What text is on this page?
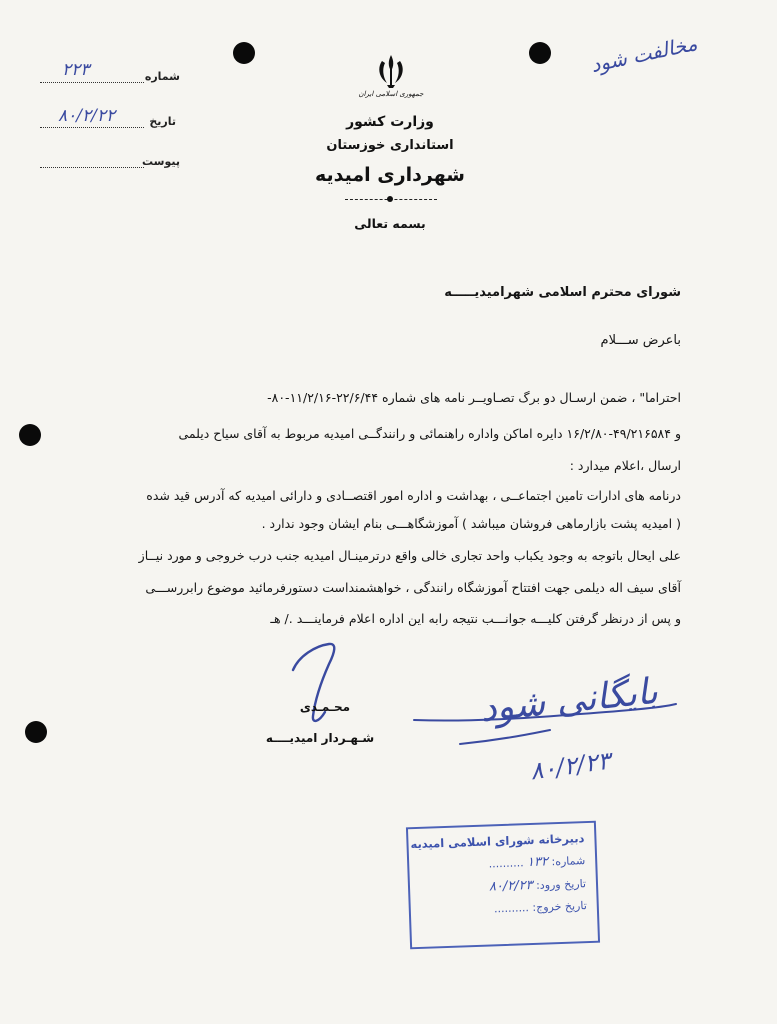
مخالفت شود
شماره
۲۲۳
تاریخ
۸۰/۲/۲۲
پیوست
جمهوری اسلامی ایران
وزارت کشور
استانداری خوزستان
شهرداری امیدیه
بسمه تعالی
شورای محترم اسلامی شهرامیدیـــــه
باعرض ســـلام
احتراما" ، ضمن ارسـال دو برگ تصـاویــر نامه های شماره ۲۲/۶/۴۴-۱۱/۲/۱۶-۸۰-
و ۴۹/۲۱۶۵۸۴-۱۶/۲/۸۰ دایره اماکن واداره راهنمائی و رانندگــی امیدیه مربوط به آقای سیاح دیلمی
ارسال ،اعلام میدارد :
درنامه های ادارات تامین اجتماعــی ، بهداشت و اداره امور اقتصــادی و دارائی امیدیه که آدرس قید شده
( امیدیه پشت بازارماهی فروشان میباشد ) آموزشگاهـــی بنام ایشان وجود ندارد .
علی ایحال باتوجه به وجود یکباب واحد تجاری خالی واقع درترمینـال امیدیه جنب درب خروجی و مورد نیــاز
آقای سیف اله دیلمی جهت افتتاح آموزشگاه رانندگی ، خواهشمنداست دستورفرمائید موضوع رابررســـی
و پس از درنظر گرفتن کلیـــه جوانـــب نتیجه رابه این اداره اعلام فرماینـــد ./ هـ
محـمـدی
شـهـردار امیدیــــه
بایگانی شود
۸۰/۲/۲۳
دبیرخانه شورای اسلامی امیدیه
شماره: ۱۳۲ ..........
تاریخ ورود: ۸۰/۲/۲۳
تاریخ خروج: ..........
